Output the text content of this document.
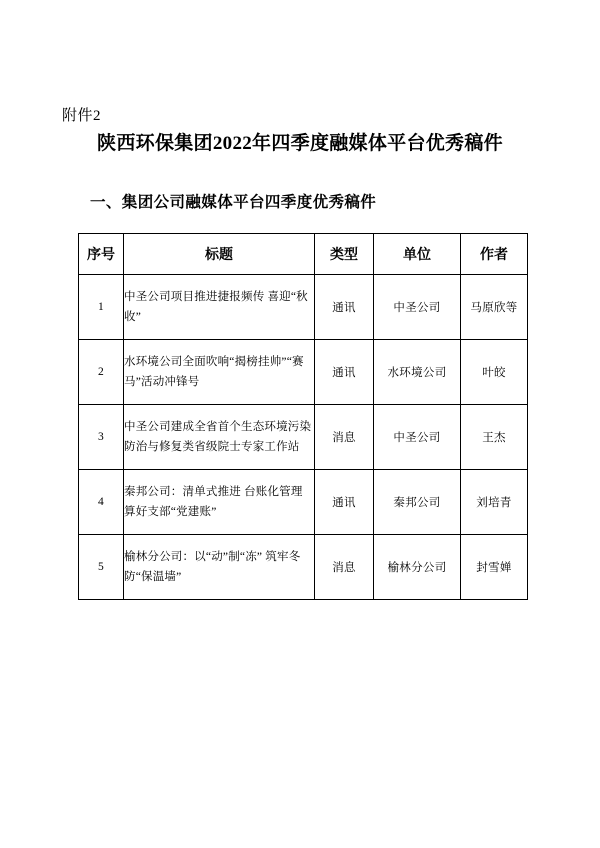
附件2
陕西环保集团2022年四季度融媒体平台优秀稿件
一、集团公司融媒体平台四季度优秀稿件
序号	标题	类型	单位	作者
1	中圣公司项目推进捷报频传 喜迎“秋收”	通讯	中圣公司	马原欣等
2	水环境公司全面吹响“揭榜挂帅”“赛马”活动冲锋号	通讯	水环境公司	叶皎
3	中圣公司建成全省首个生态环境污染防治与修复类省级院士专家工作站	消息	中圣公司	王杰
4	秦邦公司：清单式推进 台账化管理 算好支部“党建账”	通讯	秦邦公司	刘培青
5	榆林分公司：以“动”制“冻” 筑牢冬防“保温墙”	消息	榆林分公司	封雪婵
